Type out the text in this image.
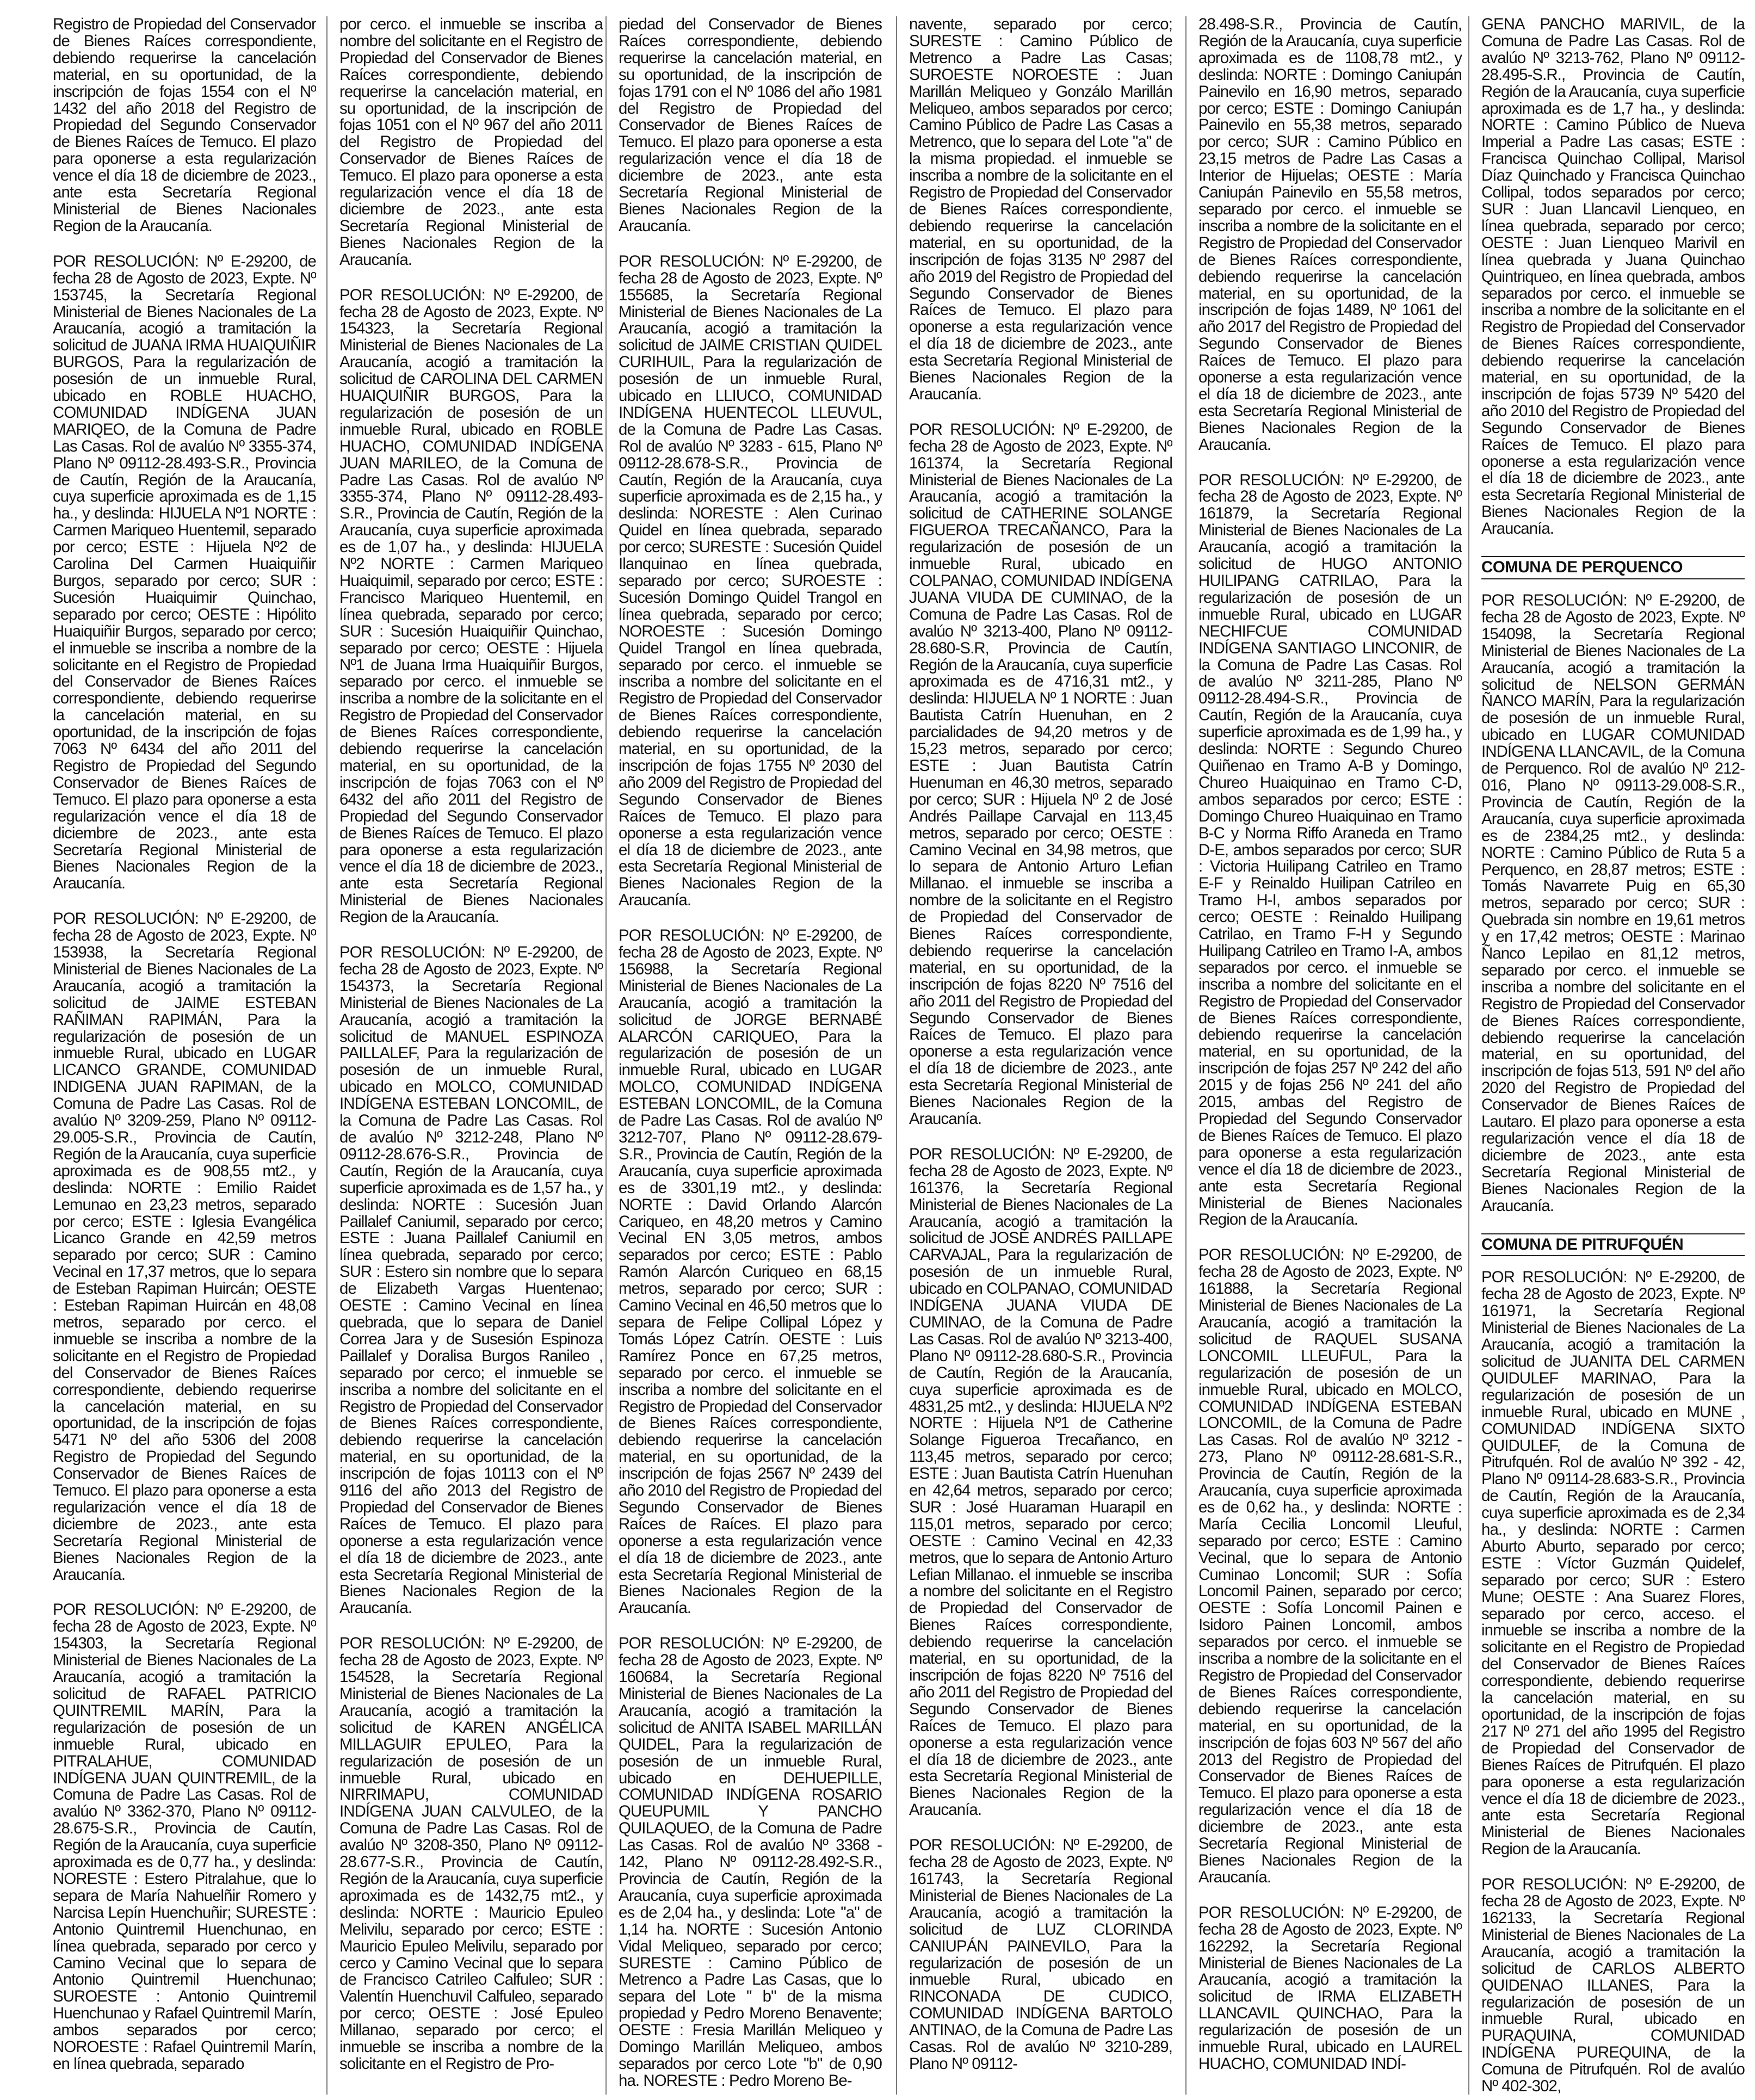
Registro de Propiedad del Conservador de Bienes Raíces correspondiente, debiendo requerirse la cancelación material, en su oportunidad, de la inscripción de fojas 1554 con el Nº 1432 del año 2018 del Registro de Propiedad del Segundo Conservador de Bienes Raíces de Temuco. El plazo para oponerse a esta regularización vence el día 18 de diciembre de 2023., ante esta Secretaría Regional Ministerial de Bienes Nacionales Region de la Araucanía.

POR RESOLUCIÓN: Nº E-29200, de fecha 28 de Agosto de 2023, Expte. Nº 153745, la Secretaría Regional Ministerial de Bienes Nacionales de La Araucanía, acogió a tramitación la solicitud de JUANA IRMA HUAIQUIÑIR BURGOS, Para la regularización de posesión de un inmueble Rural, ubicado en ROBLE HUACHO, COMUNIDAD INDÍGENA JUAN MARIQEO, de la Comuna de Padre Las Casas. Rol de avalúo Nº 3355-374, Plano Nº 09112-28.493-S.R., Provincia de Cautín, Región de la Araucanía, cuya superficie aproximada es de 1,15 ha., y deslinda: HIJUELA Nº1 NORTE : Carmen Mariqueo Huentemil, separado por cerco; ESTE : Hijuela Nº2 de Carolina Del Carmen Huaiquiñir Burgos, separado por cerco; SUR : Sucesión Huaiquimir Quinchao, separado por cerco; OESTE : Hipólito Huaiquiñir Burgos, separado por cerco; el inmueble se inscriba a nombre de la solicitante en el Registro de Propiedad del Conservador de Bienes Raíces correspondiente, debiendo requerirse la cancelación material, en su oportunidad, de la inscripción de fojas 7063 Nº 6434 del año 2011 del Registro de Propiedad del Segundo Conservador de Bienes Raíces de Temuco. El plazo para oponerse a esta regularización vence el día 18 de diciembre de 2023., ante esta Secretaría Regional Ministerial de Bienes Nacionales Region de la Araucanía.

POR RESOLUCIÓN: Nº E-29200, de fecha 28 de Agosto de 2023, Expte. Nº 153938, la Secretaría Regional Ministerial de Bienes Nacionales de La Araucanía, acogió a tramitación la solicitud de JAIME ESTEBAN RAÑIMAN RAPIMÁN, Para la regularización de posesión de un inmueble Rural, ubicado en LUGAR LICANCO GRANDE, COMUNIDAD INDIGENA JUAN RAPIMAN, de la Comuna de Padre Las Casas. Rol de avalúo Nº 3209-259, Plano Nº 09112-29.005-S.R., Provincia de Cautín, Región de la Araucanía, cuya superficie aproximada es de 908,55 mt2., y deslinda: NORTE : Emilio Raidet Lemunao en 23,23 metros, separado por cerco; ESTE : Iglesia Evangélica Licanco Grande en 42,59 metros separado por cerco; SUR : Camino Vecinal en 17,37 metros, que lo separa de Esteban Rapiman Huircán; OESTE : Esteban Rapiman Huircán en 48,08 metros, separado por cerco. el inmueble se inscriba a nombre de la solicitante en el Registro de Propiedad del Conservador de Bienes Raíces correspondiente, debiendo requerirse la cancelación material, en su oportunidad, de la inscripción de fojas 5471 Nº del año 5306 del 2008 Registro de Propiedad del Segundo Conservador de Bienes Raíces de Temuco. El plazo para oponerse a esta regularización vence el día 18 de diciembre de 2023., ante esta Secretaría Regional Ministerial de Bienes Nacionales Region de la Araucanía.

POR RESOLUCIÓN: Nº E-29200, de fecha 28 de Agosto de 2023, Expte. Nº 154303, la Secretaría Regional Ministerial de Bienes Nacionales de La Araucanía, acogió a tramitación la solicitud de RAFAEL PATRICIO QUINTREMIL MARÍN, Para la regularización de posesión de un inmueble Rural, ubicado en PITRALAHUE, COMUNIDAD INDÍGENA JUAN QUINTREMIL, de la Comuna de Padre Las Casas. Rol de avalúo Nº 3362-370, Plano Nº 09112-28.675-S.R., Provincia de Cautín, Región de la Araucanía, cuya superficie aproximada es de 0,77 ha., y deslinda: NORESTE : Estero Pitralahue, que lo separa de María Nahuelñir Romero y Narcisa Lepín Huenchuñir; SURESTE : Antonio Quintremil Huenchunao, en línea quebrada, separado por cerco y Camino Vecinal que lo separa de Antonio Quintremil Huenchunao; SUROESTE : Antonio Quintremil Huenchunao y Rafael Quintremil Marín, ambos separados por cerco; NOROESTE : Rafael Quintremil Marín, en línea quebrada, separado

por cerco. el inmueble se inscriba a nombre del solicitante en el Registro de Propiedad del Conservador de Bienes Raíces correspondiente, debiendo requerirse la cancelación material, en su oportunidad, de la inscripción de fojas 1051 con el Nº 967 del año 2011 del Registro de Propiedad del Conservador de Bienes Raíces de Temuco. El plazo para oponerse a esta regularización vence el día 18 de diciembre de 2023., ante esta Secretaría Regional Ministerial de Bienes Nacionales Region de la Araucanía.

POR RESOLUCIÓN: Nº E-29200, de fecha 28 de Agosto de 2023, Expte. Nº 154323, la Secretaría Regional Ministerial de Bienes Nacionales de La Araucanía, acogió a tramitación la solicitud de CAROLINA DEL CARMEN HUAIQUIÑIR BURGOS, Para la regularización de posesión de un inmueble Rural, ubicado en ROBLE HUACHO, COMUNIDAD INDÍGENA JUAN MARILEO, de la Comuna de Padre Las Casas. Rol de avalúo Nº 3355-374, Plano Nº 09112-28.493-S.R., Provincia de Cautín, Región de la Araucanía, cuya superficie aproximada es de 1,07 ha., y deslinda: HIJUELA Nº2 NORTE : Carmen Mariqueo Huaiquimil, separado por cerco; ESTE : Francisco Mariqueo Huentemil, en línea quebrada, separado por cerco; SUR : Sucesión Huaiquiñir Quinchao, separado por cerco; OESTE : Hijuela Nº1 de Juana Irma Huaiquiñir Burgos, separado por cerco. el inmueble se inscriba a nombre de la solicitante en el Registro de Propiedad del Conservador de Bienes Raíces correspondiente, debiendo requerirse la cancelación material, en su oportunidad, de la inscripción de fojas 7063 con el Nº 6432 del año 2011 del Registro de Propiedad del Segundo Conservador de Bienes Raíces de Temuco. El plazo para oponerse a esta regularización vence el día 18 de diciembre de 2023., ante esta Secretaría Regional Ministerial de Bienes Nacionales Region de la Araucanía.

POR RESOLUCIÓN: Nº E-29200, de fecha 28 de Agosto de 2023, Expte. Nº 154373, la Secretaría Regional Ministerial de Bienes Nacionales de La Araucanía, acogió a tramitación la solicitud de MANUEL ESPINOZA PAILLALEF, Para la regularización de posesión de un inmueble Rural, ubicado en MOLCO, COMUNIDAD INDÍGENA ESTEBAN LONCOMIL, de la Comuna de Padre Las Casas. Rol de avalúo Nº 3212-248, Plano Nº 09112-28.676-S.R., Provincia de Cautín, Región de la Araucanía, cuya superficie aproximada es de 1,57 ha., y deslinda: NORTE : Sucesión Juan Paillalef Caniumil, separado por cerco; ESTE : Juana Paillalef Caniumil en línea quebrada, separado por cerco; SUR : Estero sin nombre que lo separa de Elizabeth Vargas Huentenao; OESTE : Camino Vecinal en línea quebrada, que lo separa de Daniel Correa Jara y de Susesión Espinoza Paillalef y Doralisa Burgos Ranileo , separado por cerco; el inmueble se inscriba a nombre del solicitante en el Registro de Propiedad del Conservador de Bienes Raíces correspondiente, debiendo requerirse la cancelación material, en su oportunidad, de la inscripción de fojas 10113 con el Nº 9116 del año 2013 del Registro de Propiedad del Conservador de Bienes Raíces de Temuco. El plazo para oponerse a esta regularización vence el día 18 de diciembre de 2023., ante esta Secretaría Regional Ministerial de Bienes Nacionales Region de la Araucanía.

POR RESOLUCIÓN: Nº E-29200, de fecha 28 de Agosto de 2023, Expte. Nº 154528, la Secretaría Regional Ministerial de Bienes Nacionales de La Araucanía, acogió a tramitación la solicitud de KAREN ANGÉLICA MILLAGUIR EPULEO, Para la regularización de posesión de un inmueble Rural, ubicado en NIRRIMAPU, COMUNIDAD INDÍGENA JUAN CALVULEO, de la Comuna de Padre Las Casas. Rol de avalúo Nº 3208-350, Plano Nº 09112-28.677-S.R., Provincia de Cautín, Región de la Araucanía, cuya superficie aproximada es de 1432,75 mt2., y deslinda: NORTE : Mauricio Epuleo Melivilu, separado por cerco; ESTE : Mauricio Epuleo Melivilu, separado por cerco y Camino Vecinal que lo separa de Francisco Catrileo Calfuleo; SUR : Valentín Huenchuvil Calfuleo, separado por cerco; OESTE : José Epuleo Millanao, separado por cerco; el inmueble se inscriba a nombre de la solicitante en el Registro de Pro-

piedad del Conservador de Bienes Raíces correspondiente, debiendo requerirse la cancelación material, en su oportunidad, de la inscripción de fojas 1791 con el Nº 1086 del año 1981 del Registro de Propiedad del Conservador de Bienes Raíces de Temuco. El plazo para oponerse a esta regularización vence el día 18 de diciembre de 2023., ante esta Secretaría Regional Ministerial de Bienes Nacionales Region de la Araucanía.

POR RESOLUCIÓN: Nº E-29200, de fecha 28 de Agosto de 2023, Expte. Nº 155685, la Secretaría Regional Ministerial de Bienes Nacionales de La Araucanía, acogió a tramitación la solicitud de JAIME CRISTIAN QUIDEL CURIHUIL, Para la regularización de posesión de un inmueble Rural, ubicado en LLIUCO, COMUNIDAD INDÍGENA HUENTECOL LLEUVUL, de la Comuna de Padre Las Casas. Rol de avalúo Nº 3283 - 615, Plano Nº 09112-28.678-S.R., Provincia de Cautín, Región de la Araucanía, cuya superficie aproximada es de 2,15 ha., y deslinda: NORESTE : Alen Curinao Quidel en línea quebrada, separado por cerco; SURESTE : Sucesión Quidel Ilanquinao en línea quebrada, separado por cerco; SUROESTE : Sucesión Domingo Quidel Trangol en línea quebrada, separado por cerco; NOROESTE : Sucesión Domingo Quidel Trangol en línea quebrada, separado por cerco. el inmueble se inscriba a nombre del solicitante en el Registro de Propiedad del Conservador de Bienes Raíces correspondiente, debiendo requerirse la cancelación material, en su oportunidad, de la inscripción de fojas 1755 Nº 2030 del año 2009 del Registro de Propiedad del Segundo Conservador de Bienes Raíces de Temuco. El plazo para oponerse a esta regularización vence el día 18 de diciembre de 2023., ante esta Secretaría Regional Ministerial de Bienes Nacionales Region de la Araucanía.

POR RESOLUCIÓN: Nº E-29200, de fecha 28 de Agosto de 2023, Expte. Nº 156988, la Secretaría Regional Ministerial de Bienes Nacionales de La Araucanía, acogió a tramitación la solicitud de JORGE BERNABÉ ALARCÓN CARIQUEO, Para la regularización de posesión de un inmueble Rural, ubicado en LUGAR MOLCO, COMUNIDAD INDÍGENA ESTEBAN LONCOMIL, de la Comuna de Padre Las Casas. Rol de avalúo Nº 3212-707, Plano Nº 09112-28.679-S.R., Provincia de Cautín, Región de la Araucanía, cuya superficie aproximada es de 3301,19 mt2., y deslinda: NORTE : David Orlando Alarcón Cariqueo, en 48,20 metros y Camino Vecinal EN 3,05 metros, ambos separados por cerco; ESTE : Pablo Ramón Alarcón Curiqueo en 68,15 metros, separado por cerco; SUR : Camino Vecinal en 46,50 metros que lo separa de Felipe Collipal López y Tomás López Catrín. OESTE : Luis Ramírez Ponce en 67,25 metros, separado por cerco. el inmueble se inscriba a nombre del solicitante en el Registro de Propiedad del Conservador de Bienes Raíces correspondiente, debiendo requerirse la cancelación material, en su oportunidad, de la inscripción de fojas 2567 Nº 2439 del año 2010 del Registro de Propiedad del Segundo Conservador de Bienes Raíces de Raíces. El plazo para oponerse a esta regularización vence el día 18 de diciembre de 2023., ante esta Secretaría Regional Ministerial de Bienes Nacionales Region de la Araucanía.

POR RESOLUCIÓN: Nº E-29200, de fecha 28 de Agosto de 2023, Expte. Nº 160684, la Secretaría Regional Ministerial de Bienes Nacionales de La Araucanía, acogió a tramitación la solicitud de ANITA ISABEL MARILLÁN QUIDEL, Para la regularización de posesión de un inmueble Rural, ubicado en DEHUEPILLE, COMUNIDAD INDÍGENA ROSARIO QUEUPUMIL Y PANCHO QUILAQUEO, de la Comuna de Padre Las Casas. Rol de avalúo Nº 3368 - 142, Plano Nº 09112-28.492-S.R., Provincia de Cautín, Región de la Araucanía, cuya superficie aproximada es de 2,04 ha., y deslinda: Lote "a" de 1,14 ha. NORTE : Sucesión Antonio Vidal Meliqueo, separado por cerco; SURESTE : Camino Público de Metrenco a Padre Las Casas, que lo separa del Lote " b" de la misma propiedad y Pedro Moreno Benavente; OESTE : Fresia Marillán Meliqueo y Domingo Marillán Meliqueo, ambos separados por cerco Lote "b" de 0,90 ha. NORESTE : Pedro Moreno Be-

navente, separado por cerco; SURESTE : Camino Público de Metrenco a Padre Las Casas; SUROESTE NOROESTE : Juan Marillán Meliqueo y Gonzálo Marillán Meliqueo, ambos separados por cerco; Camino Público de Padre Las Casas a Metrenco, que lo separa del Lote "a" de la misma propiedad. el inmueble se inscriba a nombre de la solicitante en el Registro de Propiedad del Conservador de Bienes Raíces correspondiente, debiendo requerirse la cancelación material, en su oportunidad, de la inscripción de fojas 3135 Nº 2987 del año 2019 del Registro de Propiedad del Segundo Conservador de Bienes Raíces de Temuco. El plazo para oponerse a esta regularización vence el día 18 de diciembre de 2023., ante esta Secretaría Regional Ministerial de Bienes Nacionales Region de la Araucanía.

POR RESOLUCIÓN: Nº E-29200, de fecha 28 de Agosto de 2023, Expte. Nº 161374, la Secretaría Regional Ministerial de Bienes Nacionales de La Araucanía, acogió a tramitación la solicitud de CATHERINE SOLANGE FIGUEROA TRECAÑANCO, Para la regularización de posesión de un inmueble Rural, ubicado en COLPANAO, COMUNIDAD INDÍGENA JUANA VIUDA DE CUMINAO, de la Comuna de Padre Las Casas. Rol de avalúo Nº 3213-400, Plano Nº 09112-28.680-S.R, Provincia de Cautín, Región de la Araucanía, cuya superficie aproximada es de 4716,31 mt2., y deslinda: HIJUELA Nº 1 NORTE : Juan Bautista Catrín Huenuhan, en 2 parcialidades de 94,20 metros y de 15,23 metros, separado por cerco; ESTE : Juan Bautista Catrín Huenuman en 46,30 metros, separado por cerco; SUR : Hijuela Nº 2 de José Andrés Paillape Carvajal en 113,45 metros, separado por cerco; OESTE : Camino Vecinal en 34,98 metros, que lo separa de Antonio Arturo Lefian Millanao. el inmueble se inscriba a nombre de la solicitante en el Registro de Propiedad del Conservador de Bienes Raíces correspondiente, debiendo requerirse la cancelación material, en su oportunidad, de la inscripción de fojas 8220 Nº 7516 del año 2011 del Registro de Propiedad del Segundo Conservador de Bienes Raíces de Temuco. El plazo para oponerse a esta regularización vence el día 18 de diciembre de 2023., ante esta Secretaría Regional Ministerial de Bienes Nacionales Region de la Araucanía.

POR RESOLUCIÓN: Nº E-29200, de fecha 28 de Agosto de 2023, Expte. Nº 161376, la Secretaría Regional Ministerial de Bienes Nacionales de La Araucanía, acogió a tramitación la solicitud de JOSÉ ANDRÉS PAILLAPE CARVAJAL, Para la regularización de posesión de un inmueble Rural, ubicado en COLPANAO, COMUNIDAD INDÍGENA JUANA VIUDA DE CUMINAO, de la Comuna de Padre Las Casas. Rol de avalúo Nº 3213-400, Plano Nº 09112-28.680-S.R., Provincia de Cautín, Región de la Araucanía, cuya superficie aproximada es de 4831,25 mt2., y deslinda: HIJUELA Nº2 NORTE : Hijuela Nº1 de Catherine Solange Figueroa Trecañanco, en 113,45 metros, separado por cerco; ESTE : Juan Bautista Catrín Huenuhan en 42,64 metros, separado por cerco; SUR : José Huaraman Huarapil en 115,01 metros, separado por cerco; OESTE : Camino Vecinal en 42,33 metros, que lo separa de Antonio Arturo Lefian Millanao. el inmueble se inscriba a nombre del solicitante en el Registro de Propiedad del Conservador de Bienes Raíces correspondiente, debiendo requerirse la cancelación material, en su oportunidad, de la inscripción de fojas 8220 Nº 7516 del año 2011 del Registro de Propiedad del Segundo Conservador de Bienes Raíces de Temuco. El plazo para oponerse a esta regularización vence el día 18 de diciembre de 2023., ante esta Secretaría Regional Ministerial de Bienes Nacionales Region de la Araucanía.

POR RESOLUCIÓN: Nº E-29200, de fecha 28 de Agosto de 2023, Expte. Nº 161743, la Secretaría Regional Ministerial de Bienes Nacionales de La Araucanía, acogió a tramitación la solicitud de LUZ CLORINDA CANIUPÁN PAINEVILO, Para la regularización de posesión de un inmueble Rural, ubicado en RINCONADA DE CUDICO, COMUNIDAD INDÍGENA BARTOLO ANTINAO, de la Comuna de Padre Las Casas. Rol de avalúo Nº 3210-289, Plano Nº 09112-

28.498-S.R., Provincia de Cautín, Región de la Araucanía, cuya superficie aproximada es de 1108,78 mt2., y deslinda: NORTE : Domingo Caniupán Painevilo en 16,90 metros, separado por cerco; ESTE : Domingo Caniupán Painevilo en 55,38 metros, separado por cerco; SUR : Camino Público en 23,15 metros de Padre Las Casas a Interior de Hijuelas; OESTE : María Caniupán Painevilo en 55,58 metros, separado por cerco. el inmueble se inscriba a nombre de la solicitante en el Registro de Propiedad del Conservador de Bienes Raíces correspondiente, debiendo requerirse la cancelación material, en su oportunidad, de la inscripción de fojas 1489, Nº 1061 del año 2017 del Registro de Propiedad del Segundo Conservador de Bienes Raíces de Temuco. El plazo para oponerse a esta regularización vence el día 18 de diciembre de 2023., ante esta Secretaría Regional Ministerial de Bienes Nacionales Region de la Araucanía.

POR RESOLUCIÓN: Nº E-29200, de fecha 28 de Agosto de 2023, Expte. Nº 161879, la Secretaría Regional Ministerial de Bienes Nacionales de La Araucanía, acogió a tramitación la solicitud de HUGO ANTONIO HUILIPANG CATRILAO, Para la regularización de posesión de un inmueble Rural, ubicado en LUGAR NECHIFCUE COMUNIDAD INDÍGENA SANTIAGO LINCONIR, de la Comuna de Padre Las Casas. Rol de avalúo Nº 3211-285, Plano Nº 09112-28.494-S.R., Provincia de Cautín, Región de la Araucanía, cuya superficie aproximada es de 1,99 ha., y deslinda: NORTE : Segundo Chureo Quiñenao en Tramo A-B y Domingo, Chureo Huaiquinao en Tramo C-D, ambos separados por cerco; ESTE : Domingo Chureo Huaiquinao en Tramo B-C y Norma Riffo Araneda en Tramo D-E, ambos separados por cerco; SUR : Victoria Huilipang Catrileo en Tramo E-F y Reinaldo Huilipan Catrileo en Tramo H-I, ambos separados por cerco; OESTE : Reinaldo Huilipang Catrilao, en Tramo F-H y Segundo Huilipang Catrileo en Tramo I-A, ambos separados por cerco. el inmueble se inscriba a nombre del solicitante en el Registro de Propiedad del Conservador de Bienes Raíces correspondiente, debiendo requerirse la cancelación material, en su oportunidad, de la inscripción de fojas 257 Nº 242 del año 2015 y de fojas 256 Nº 241 del año 2015, ambas del Registro de Propiedad del Segundo Conservador de Bienes Raíces de Temuco. El plazo para oponerse a esta regularización vence el día 18 de diciembre de 2023., ante esta Secretaría Regional Ministerial de Bienes Nacionales Region de la Araucanía.

POR RESOLUCIÓN: Nº E-29200, de fecha 28 de Agosto de 2023, Expte. Nº 161888, la Secretaría Regional Ministerial de Bienes Nacionales de La Araucanía, acogió a tramitación la solicitud de RAQUEL SUSANA LONCOMIL LLEUFUL, Para la regularización de posesión de un inmueble Rural, ubicado en MOLCO, COMUNIDAD INDÍGENA ESTEBAN LONCOMIL, de la Comuna de Padre Las Casas. Rol de avalúo Nº 3212 - 273, Plano Nº 09112-28.681-S.R., Provincia de Cautín, Región de la Araucanía, cuya superficie aproximada es de 0,62 ha., y deslinda: NORTE : María Cecilia Loncomil Lleuful, separado por cerco; ESTE : Camino Vecinal, que lo separa de Antonio Cuminao Loncomil; SUR : Sofía Loncomil Painen, separado por cerco; OESTE : Sofía Loncomil Painen e Isidoro Painen Loncomil, ambos separados por cerco. el inmueble se inscriba a nombre de la solicitante en el Registro de Propiedad del Conservador de Bienes Raíces correspondiente, debiendo requerirse la cancelación material, en su oportunidad, de la inscripción de fojas 603 Nº 567 del año 2013 del Registro de Propiedad del Conservador de Bienes Raíces de Temuco. El plazo para oponerse a esta regularización vence el día 18 de diciembre de 2023., ante esta Secretaría Regional Ministerial de Bienes Nacionales Region de la Araucanía.

POR RESOLUCIÓN: Nº E-29200, de fecha 28 de Agosto de 2023, Expte. Nº 162292, la Secretaría Regional Ministerial de Bienes Nacionales de La Araucanía, acogió a tramitación la solicitud de IRMA ELIZABETH LLANCAVIL QUINCHAO, Para la regularización de posesión de un inmueble Rural, ubicado en LAUREL HUACHO, COMUNIDAD INDÍ-

GENA PANCHO MARIVIL, de la Comuna de Padre Las Casas. Rol de avalúo Nº 3213-762, Plano Nº 09112-28.495-S.R., Provincia de Cautín, Región de la Araucanía, cuya superficie aproximada es de 1,7 ha., y deslinda: NORTE : Camino Público de Nueva Imperial a Padre Las casas; ESTE : Francisca Quinchao Collipal, Marisol Díaz Quinchado y Francisca Quinchao Collipal, todos separados por cerco; SUR : Juan Llancavil Lienqueo, en línea quebrada, separado por cerco; OESTE : Juan Lienqueo Marivil en línea quebrada y Juana Quinchao Quintriqueo, en línea quebrada, ambos separados por cerco. el inmueble se inscriba a nombre de la solicitante en el Registro de Propiedad del Conservador de Bienes Raíces correspondiente, debiendo requerirse la cancelación material, en su oportunidad, de la inscripción de fojas 5739 Nº 5420 del año 2010 del Registro de Propiedad del Segundo Conservador de Bienes Raíces de Temuco. El plazo para oponerse a esta regularización vence el día 18 de diciembre de 2023., ante esta Secretaría Regional Ministerial de Bienes Nacionales Region de la Araucanía.

COMUNA DE PERQUENCO

POR RESOLUCIÓN: Nº E-29200, de fecha 28 de Agosto de 2023, Expte. Nº 154098, la Secretaría Regional Ministerial de Bienes Nacionales de La Araucanía, acogió a tramitación la solicitud de NELSON GERMÁN ÑANCO MARÍN, Para la regularización de posesión de un inmueble Rural, ubicado en LUGAR COMUNIDAD INDÍGENA LLANCAVIL, de la Comuna de Perquenco. Rol de avalúo Nº 212-016, Plano Nº 09113-29.008-S.R., Provincia de Cautín, Región de la Araucanía, cuya superficie aproximada es de 2384,25 mt2., y deslinda: NORTE : Camino Público de Ruta 5 a Perquenco, en 28,87 metros; ESTE : Tomás Navarrete Puig en 65,30 metros, separado por cerco; SUR : Quebrada sin nombre en 19,61 metros y en 17,42 metros; OESTE : Marinao Ñanco Lepilao en 81,12 metros, separado por cerco. el inmueble se inscriba a nombre del solicitante en el Registro de Propiedad del Conservador de Bienes Raíces correspondiente, debiendo requerirse la cancelación material, en su oportunidad, del inscripción de fojas 513, 591 Nº del año 2020 del Registro de Propiedad del Conservador de Bienes Raíces de Lautaro. El plazo para oponerse a esta regularización vence el día 18 de diciembre de 2023., ante esta Secretaría Regional Ministerial de Bienes Nacionales Region de la Araucanía.

COMUNA DE PITRUFQUÉN

POR RESOLUCIÓN: Nº E-29200, de fecha 28 de Agosto de 2023, Expte. Nº 161971, la Secretaría Regional Ministerial de Bienes Nacionales de La Araucanía, acogió a tramitación la solicitud de JUANITA DEL CARMEN QUIDULEF MARINAO, Para la regularización de posesión de un inmueble Rural, ubicado en MUNE , COMUNIDAD INDÍGENA SIXTO QUIDULEF, de la Comuna de Pitrufquén. Rol de avalúo Nº 392 - 42, Plano Nº 09114-28.683-S.R., Provincia de Cautín, Región de la Araucanía, cuya superficie aproximada es de 2,34 ha., y deslinda: NORTE : Carmen Aburto Aburto, separado por cerco; ESTE : Víctor Guzmán Quidelef, separado por cerco; SUR : Estero Mune; OESTE : Ana Suarez Flores, separado por cerco, acceso. el inmueble se inscriba a nombre de la solicitante en el Registro de Propiedad del Conservador de Bienes Raíces correspondiente, debiendo requerirse la cancelación material, en su oportunidad, de la inscripción de fojas 217 Nº 271 del año 1995 del Registro de Propiedad del Conservador de Bienes Raíces de Pitrufquén. El plazo para oponerse a esta regularización vence el día 18 de diciembre de 2023., ante esta Secretaría Regional Ministerial de Bienes Nacionales Region de la Araucanía.

POR RESOLUCIÓN: Nº E-29200, de fecha 28 de Agosto de 2023, Expte. Nº 162133, la Secretaría Regional Ministerial de Bienes Nacionales de La Araucanía, acogió a tramitación la solicitud de CARLOS ALBERTO QUIDENAO ILLANES, Para la regularización de posesión de un inmueble Rural, ubicado en PURAQUINA, COMUNIDAD INDÍGENA PUREQUINA, de la Comuna de Pitrufquén. Rol de avalúo Nº 402-302,
